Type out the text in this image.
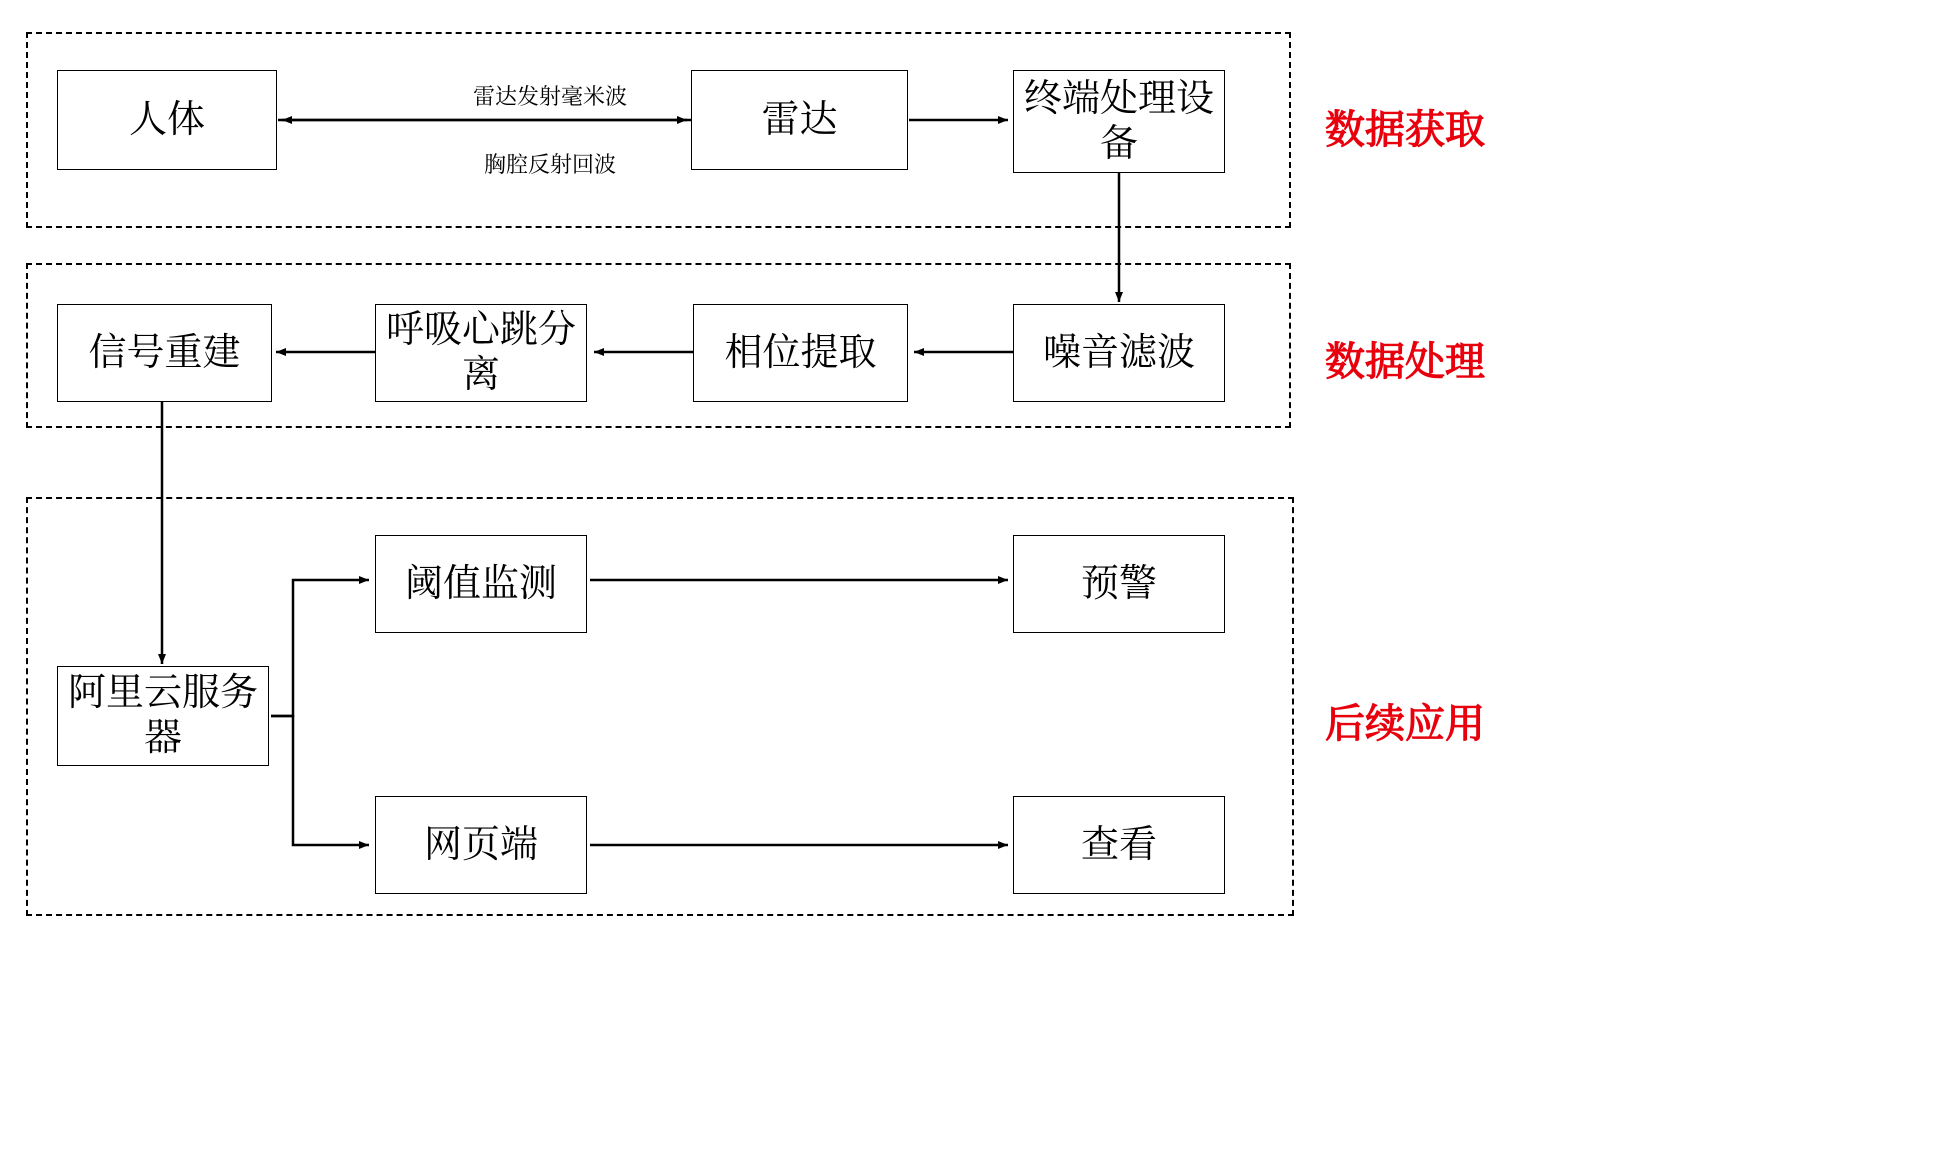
人体	雷达	终端处理设备
雷达发射毫米波
胸腔反射回波
噪音滤波
相位提取
呼吸心跳分离
信号重建
阿里云服务器
阈值监测	预警
网页端	查看
数据获取
数据处理
后续应用
